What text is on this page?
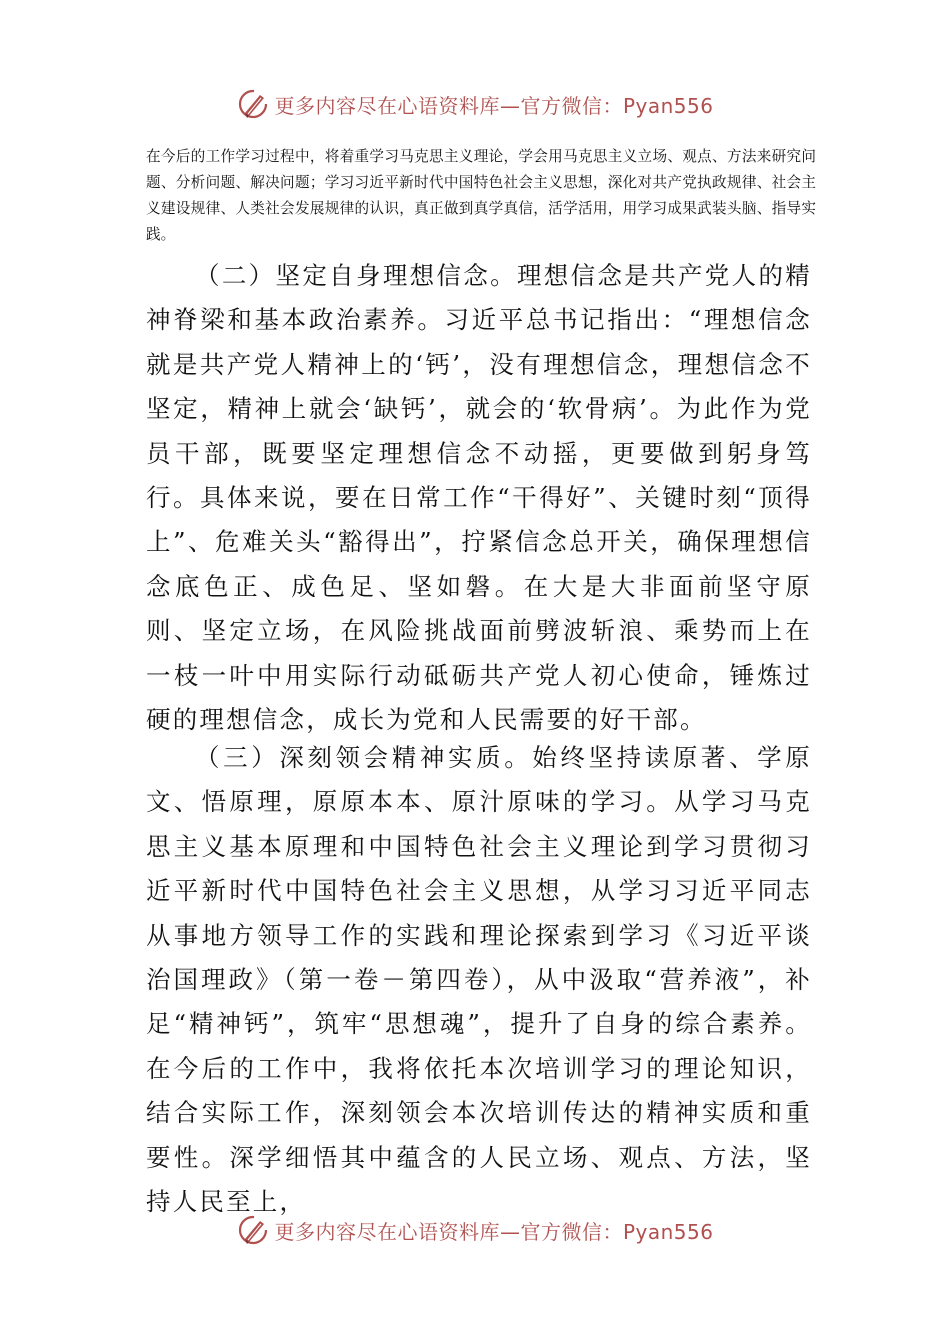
更多内容尽在心语资料库—官方微信：Pyan556

在今后的工作学习过程中，将着重学习马克思主义理论，学会用马克思主义立场、观点、方法来研究问题、分析问题、解决问题；学习习近平新时代中国特色社会主义思想，深化对共产党执政规律、社会主义建设规律、人类社会发展规律的认识，真正做到真学真信，活学活用，用学习成果武装头脑、指导实践。

（二）坚定自身理想信念。理想信念是共产党人的精神脊梁和基本政治素养。习近平总书记指出：“理想信念就是共产党人精神上的‘钙’，没有理想信念，理想信念不坚定，精神上就会‘缺钙’，就会的‘软骨病’。为此作为党员干部，既要坚定理想信念不动摇，更要做到躬身笃行。具体来说，要在日常工作“干得好”、关键时刻“顶得上”、危难关头“豁得出”，拧紧信念总开关，确保理想信念底色正、成色足、坚如磐。在大是大非面前坚守原则、坚定立场，在风险挑战面前劈波斩浪、乘势而上在一枝一叶中用实际行动砥砺共产党人初心使命，锤炼过硬的理想信念，成长为党和人民需要的好干部。

（三）深刻领会精神实质。始终坚持读原著、学原文、悟原理，原原本本、原汁原味的学习。从学习马克思主义基本原理和中国特色社会主义理论到学习贯彻习近平新时代中国特色社会主义思想，从学习习近平同志从事地方领导工作的实践和理论探索到学习《习近平谈治国理政》（第一卷－第四卷），从中汲取“营养液”，补足“精神钙”，筑牢“思想魂”，提升了自身的综合素养。在今后的工作中，我将依托本次培训学习的理论知识，结合实际工作，深刻领会本次培训传达的精神实质和重要性。深学细悟其中蕴含的人民立场、观点、方法，坚持人民至上，

更多内容尽在心语资料库—官方微信：Pyan556
